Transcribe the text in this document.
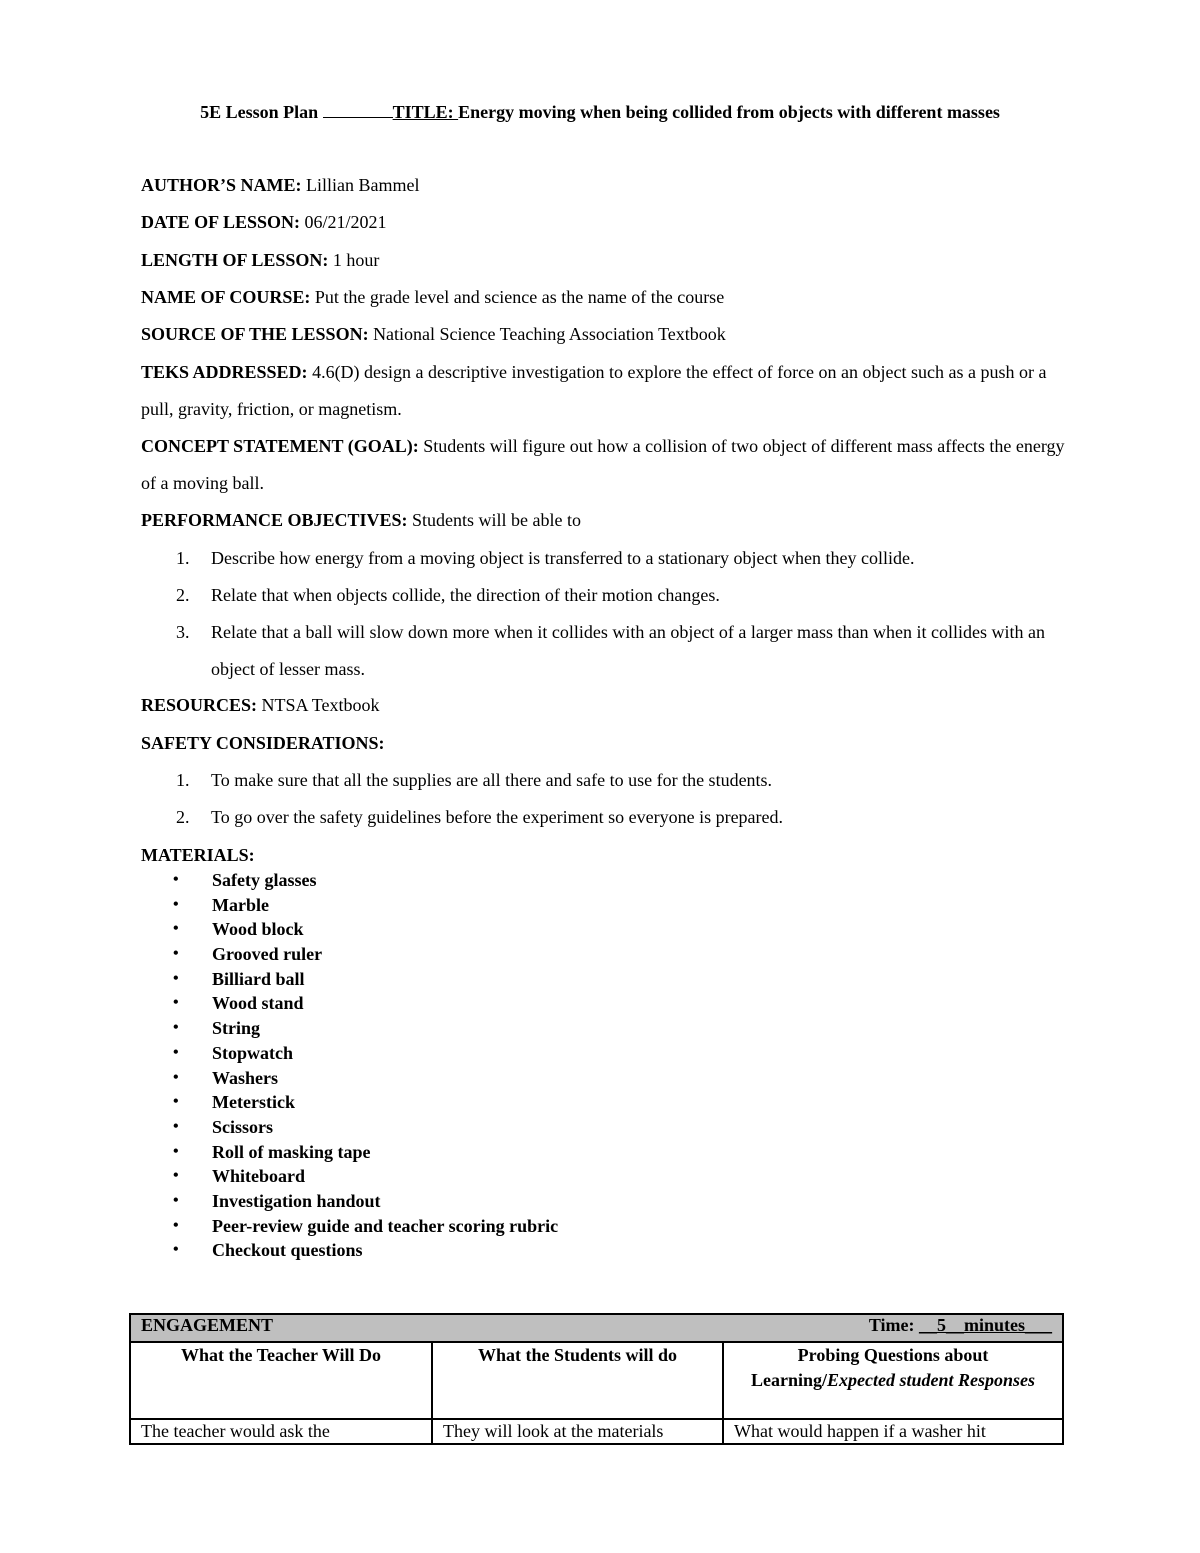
5E Lesson Plan	TITLE: Energy moving when being collided from objects with different masses
AUTHOR’S NAME: Lillian Bammel
DATE OF LESSON: 06/21/2021
LENGTH OF LESSON: 1 hour
NAME OF COURSE: Put the grade level and science as the name of the course
SOURCE OF THE LESSON: National Science Teaching Association Textbook
TEKS ADDRESSED: 4.6(D) design a descriptive investigation to explore the effect of force on an object such as a push or a pull, gravity, friction, or magnetism.
CONCEPT STATEMENT (GOAL): Students will figure out how a collision of two object of different mass affects the energy of a moving ball.
PERFORMANCE OBJECTIVES: Students will be able to
1. Describe how energy from a moving object is transferred to a stationary object when they collide.
2. Relate that when objects collide, the direction of their motion changes.
3. Relate that a ball will slow down more when it collides with an object of a larger mass than when it collides with an object of lesser mass.
RESOURCES: NTSA Textbook
SAFETY CONSIDERATIONS:
1. To make sure that all the supplies are all there and safe to use for the students.
2. To go over the safety guidelines before the experiment so everyone is prepared.
MATERIALS:
• Safety glasses
• Marble
• Wood block
• Grooved ruler
• Billiard ball
• Wood stand
• String
• Stopwatch
• Washers
• Meterstick
• Scissors
• Roll of masking tape
• Whiteboard
• Investigation handout
• Peer-review guide and teacher scoring rubric
• Checkout questions
ENGAGEMENT Time: __5__minutes___		

What the Teacher Will Do	What the Students will do	Probing Questions about Learning/Expected student Responses
The teacher would ask the	They will look at the materials	What would happen if a washer hit
